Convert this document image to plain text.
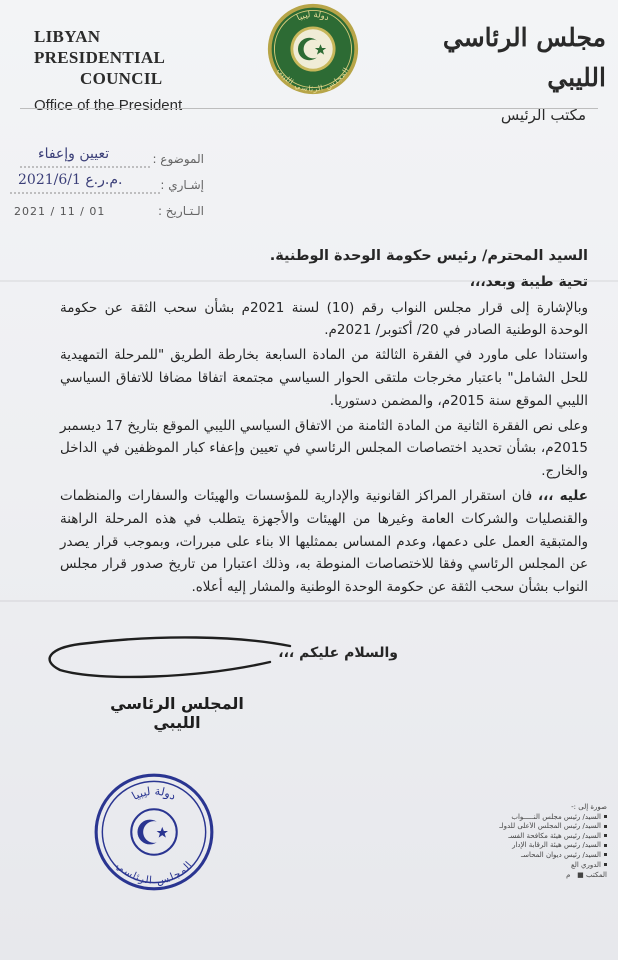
LIBYAN PRESIDENTIAL
COUNCIL
Office of the President
دولة ليبيا
المجلس الرئاسي الليبي
مجلس الرئاسي الليبي
مكتب الرئيس
الموضوع :
إشـاري :
الـتـاريخ :
تعيين وإعفاء
2021/6/1 م.ر.ع.
2021 / 11 / 01

السيد المحترم/ رئيس حكومة الوحدة الوطنية.

تحية طيبة وبعد،،،

وبالإشارة إلى قرار مجلس النواب رقم (10) لسنة 2021م بشأن سحب الثقة عن حكومة الوحدة الوطنية الصادر في 20/ أكتوبر/ 2021م.

واستنادا على ماورد في الفقرة الثالثة من المادة السابعة بخارطة الطريق "للمرحلة التمهيدية للحل الشامل" باعتبار مخرجات ملتقى الحوار السياسي مجتمعة اتفاقا مضافا للاتفاق السياسي الليبي الموقع سنة 2015م، والمضمن دستوريا.

وعلى نص الفقرة الثانية من المادة الثامنة من الاتفاق السياسي الليبي الموقع بتاريخ 17 ديسمبر 2015م، بشأن تحديد اختصاصات المجلس الرئاسي في تعيين وإعفاء كبار الموظفين في الداخل والخارج.

عليه ،،، فان استقرار المراكز القانونية والإدارية للمؤسسات والهيئات والسفارات والمنظمات والقنصليات والشركات العامة وغيرها من الهيئات والأجهزة يتطلب في هذه المرحلة الراهنة والمتبقية العمل على دعمها، وعدم المساس بممثليها الا بناء على مبررات، وبموجب قرار يصدر عن المجلس الرئاسي وفقا للاختصاصات المنوطة به، وذلك اعتبارا من تاريخ صدور قرار مجلس النواب بشأن سحب الثقة عن حكومة الوحدة الوطنية والمشار إليه أعلاه.

والسلام عليكم ،،،
المجلس الرئاسي الليبي
دولة ليبيا
المجلس الرئاسي
صورة إلى :-
السيد/ رئيس مجلس النـــــواب
السيد/ رئيس المجلس الأعلى للدولـ
السيد/ رئيس هيئة مكافحة الفسـ
السيد/ رئيس هيئة الرقابة الإدار
السيد/ رئيس ديوان المحاسـ
الدوري الع
المكتب ■   م
